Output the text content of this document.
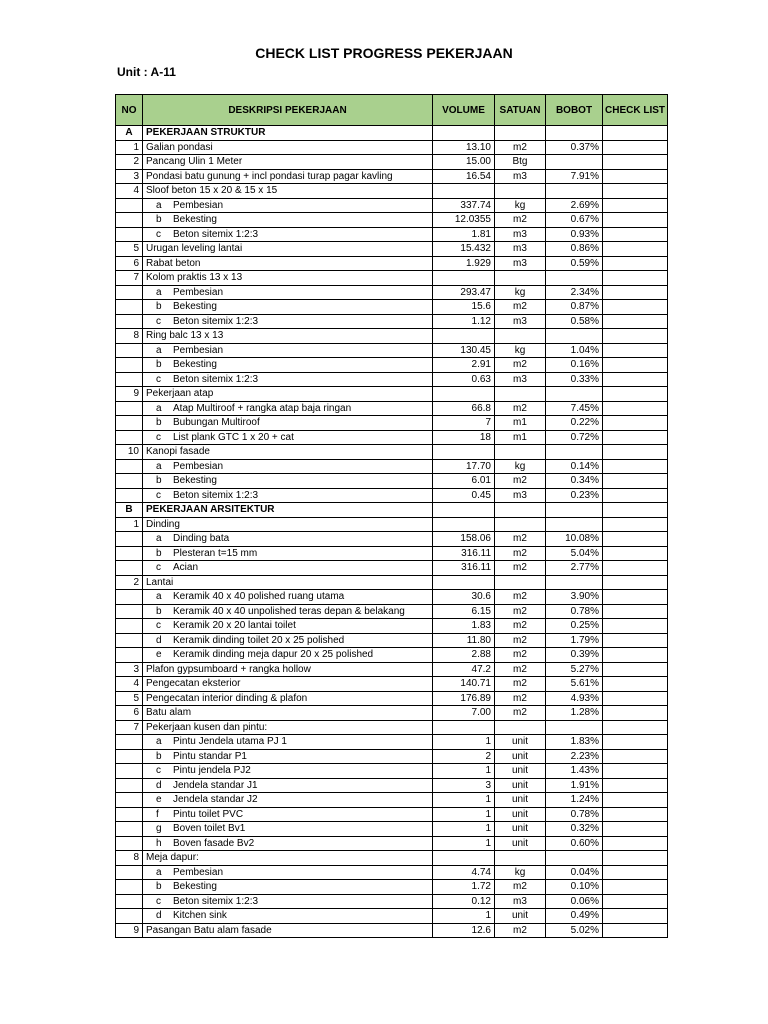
CHECK LIST PROGRESS PEKERJAAN
Unit : A-11
NO	DESKRIPSI PEKERJAAN	VOLUME	SATUAN	BOBOT	CHECK LIST
A	PEKERJAAN STRUKTUR				
1	Galian pondasi	13.10	m2	0.37%	
2	Pancang Ulin 1 Meter	15.00	Btg		
3	Pondasi batu gunung + incl pondasi turap pagar kavling	16.54	m3	7.91%	
4	Sloof beton 15 x 20 & 15 x 15				
	a Pembesian	337.74	kg	2.69%	
	b Bekesting	12.0355	m2	0.67%	
	c Beton sitemix 1:2:3	1.81	m3	0.93%	
5	Urugan leveling lantai	15.432	m3	0.86%	
6	Rabat beton	1.929	m3	0.59%	
7	Kolom praktis 13 x 13				
	a Pembesian	293.47	kg	2.34%	
	b Bekesting	15.6	m2	0.87%	
	c Beton sitemix 1:2:3	1.12	m3	0.58%	
8	Ring balc 13 x 13				
	a Pembesian	130.45	kg	1.04%	
	b Bekesting	2.91	m2	0.16%	
	c Beton sitemix 1:2:3	0.63	m3	0.33%	
9	Pekerjaan atap				
	a Atap Multiroof + rangka atap baja ringan	66.8	m2	7.45%	
	b Bubungan Multiroof	7	m1	0.22%	
	c List plank GTC 1 x 20 + cat	18	m1	0.72%	
10	Kanopi fasade				
	a Pembesian	17.70	kg	0.14%	
	b Bekesting	6.01	m2	0.34%	
	c Beton sitemix 1:2:3	0.45	m3	0.23%	
B	PEKERJAAN ARSITEKTUR				
1	Dinding				
	a Dinding bata	158.06	m2	10.08%	
	b Plesteran t=15 mm	316.11	m2	5.04%	
	c Acian	316.11	m2	2.77%	
2	Lantai				
	a Keramik 40 x 40 polished ruang utama	30.6	m2	3.90%	
	b Keramik 40 x 40 unpolished teras depan & belakang	6.15	m2	0.78%	
	c Keramik 20 x 20 lantai toilet	1.83	m2	0.25%	
	d Keramik dinding toilet 20 x 25 polished	11.80	m2	1.79%	
	e Keramik dinding meja dapur 20 x 25 polished	2.88	m2	0.39%	
3	Plafon gypsumboard + rangka hollow	47.2	m2	5.27%	
4	Pengecatan eksterior	140.71	m2	5.61%	
5	Pengecatan interior dinding & plafon	176.89	m2	4.93%	
6	Batu alam	7.00	m2	1.28%	
7	Pekerjaan kusen dan pintu:				
	a Pintu Jendela utama PJ 1	1	unit	1.83%	
	b Pintu standar P1	2	unit	2.23%	
	c Pintu jendela PJ2	1	unit	1.43%	
	d Jendela standar J1	3	unit	1.91%	
	e Jendela standar J2	1	unit	1.24%	
	f Pintu toilet PVC	1	unit	0.78%	
	g Boven toilet Bv1	1	unit	0.32%	
	h Boven fasade Bv2	1	unit	0.60%	
8	Meja dapur:				
	a Pembesian	4.74	kg	0.04%	
	b Bekesting	1.72	m2	0.10%	
	c Beton sitemix 1:2:3	0.12	m3	0.06%	
	d Kitchen sink	1	unit	0.49%	
9	Pasangan Batu alam fasade	12.6	m2	5.02%	
